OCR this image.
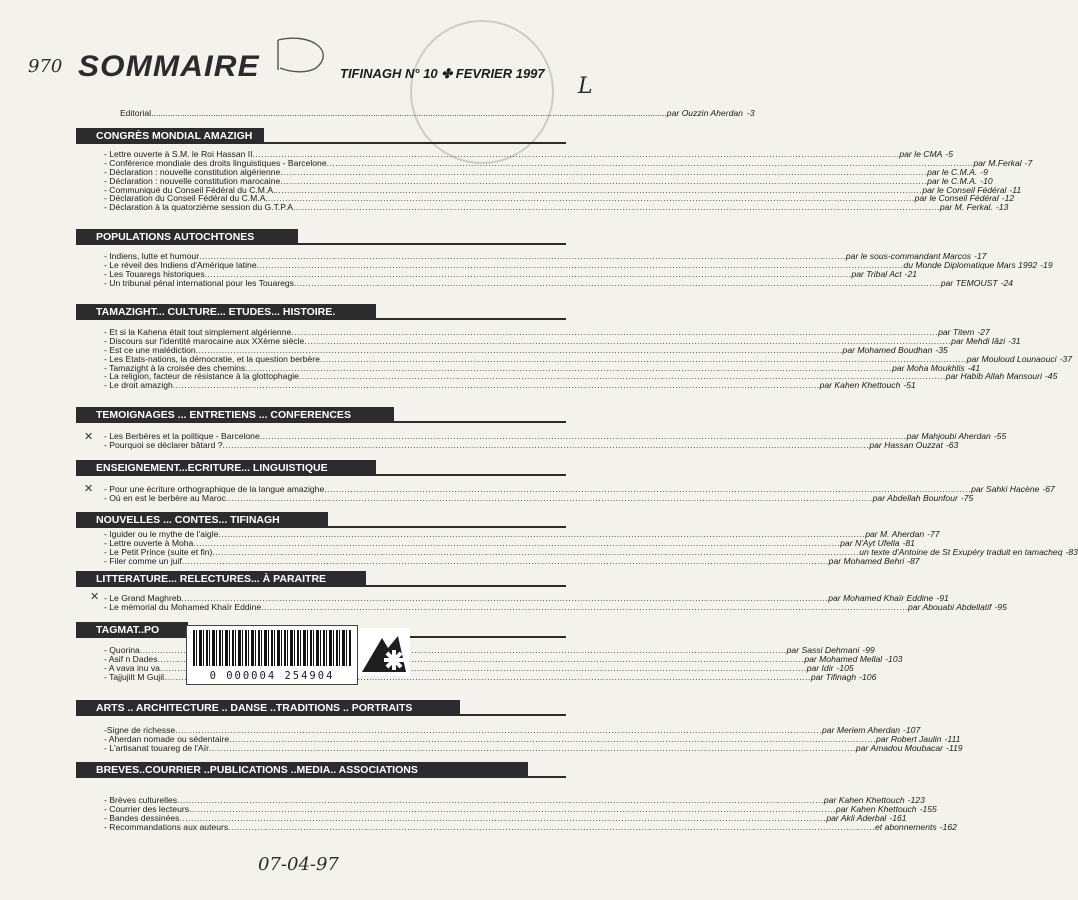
970 SOMMAIRE	TIFINAGH N° 10 ✤ FEVRIER 1997
L
Editorial ........................................................................................................................................................................................................................ par Ouzzin Aherdan -3
CONGRÈS MONDIAL AMAZIGH
- Lettre ouverte à S.M. le Roi Hassan II .....	par le CMA -5
- Conférence mondiale des droits linguistiques - Barcelone .....	par M.Ferkal -7
- Déclaration : nouvelle constitution algérienne .....	par le C.M.A. -9
- Déclaration : nouvelle constitution marocaine .....	par le C.M.A. -10
- Communiqué du Conseil Fédéral du C.M.A. .....	par le Conseil Fédéral -11
- Déclaration du Conseil Fédéral du C.M.A. .....	par le Conseil Fédéral -12
- Déclaration à la quatorzième session du G.T.P.A .....	par M. Ferkal. -13
POPULATIONS AUTOCHTONES
- Indiens, lutte et humour .....	par le sous-commandant Marcos -17
- Le réveil des Indiens d'Amérique latine .....	du Monde Diplomatique Mars 1992 -19
- Les Touaregs historiques .....	par Tribal Act -21
- Un tribunal pénal international pour les Touaregs .....	par TEMOUST -24
TAMAZIGHT... CULTURE... ETUDES... HISTOIRE.
- Et si la Kahena était tout simplement algérienne .....	par Titem -27
- Discours sur l'identité marocaine aux XXème siècle .....	par Mehdi Iâzi -31
- Est ce une malédiction .....	par Mohamed Boudhan -35
- Les Etats-nations, la démocratie, et la question berbère .....	par Mouloud Lounaouci -37
- Tamazight à la croisée des chemins .....	par Moha Moukhlis -41
- La religion, facteur de résistance à la glottophagie .....	par Habib Allah Mansouri -45
- Le droit amazigh .....	par Kahen Khettouch -51
TEMOIGNAGES ... ENTRETIENS ... CONFERENCES
- Les Berbères et la politique - Barcelone .....	par Mahjoubi Aherdan -55
- Pourquoi se déclarer bâtard ? .....	par Hassan Ouzzat -63
ENSEIGNEMENT...ECRITURE... LINGUISTIQUE
- Pour une écriture orthographique de la langue amazighe .....	par Sahki Hacène -67
- Où en est le berbère au Maroc .....	par Abdellah Bounfour -75
NOUVELLES ... CONTES... TIFINAGH
- Iguider ou le mythe de l'aigle .....	par M. Aherdan -77
- Lettre ouverte à Moha .....	par N'Ayt Ufella -81
- Le Petit Prince (suite et fin) .....	un texte d'Antoine de St Exupéry traduit en tamacheq -83
- Filer comme un juif .....	par Mohamed Behri -87
LITTERATURE... RELECTURES... À PARAITRE
- Le Grand Maghreb .....	par Mohamed Khaïr Eddine -91
- Le mémorial du Mohamed Khaïr Eddine .....	par Abouabi Abdellatif -95
TAGMAT..PO
- Quorina .....	par Sassi Dehmani -99
- Asif n Dades .....	par Mohamed Mellal -103
- A vava inu va .....	par Idir -105
- Tajjujilt M Gujil .....	par Tifinagh -106
ARTS .. ARCHITECTURE .. DANSE ..TRADITIONS .. PORTRAITS
-Signe de richesse .....	par Meriem Aherdan -107
- Aherdan nomade ou sédentaire .....	par Robert Jaulin -111
- L'artisanat touareg de l'Aïr .....	par Amadou Moubacar -119
BREVES..COURRIER ..PUBLICATIONS ..MEDIA.. ASSOCIATIONS
- Brèves culturelles .....	par Kahen Khettouch -123
- Courrier des lecteurs .....	par Kahen Khettouch -155
- Bandes dessinées .....	par Akli Aderbal -161
- Recommandations aux auteurs .....	et abonnements -162
✕
✕
✕
0 000004 254904
07-04-97
